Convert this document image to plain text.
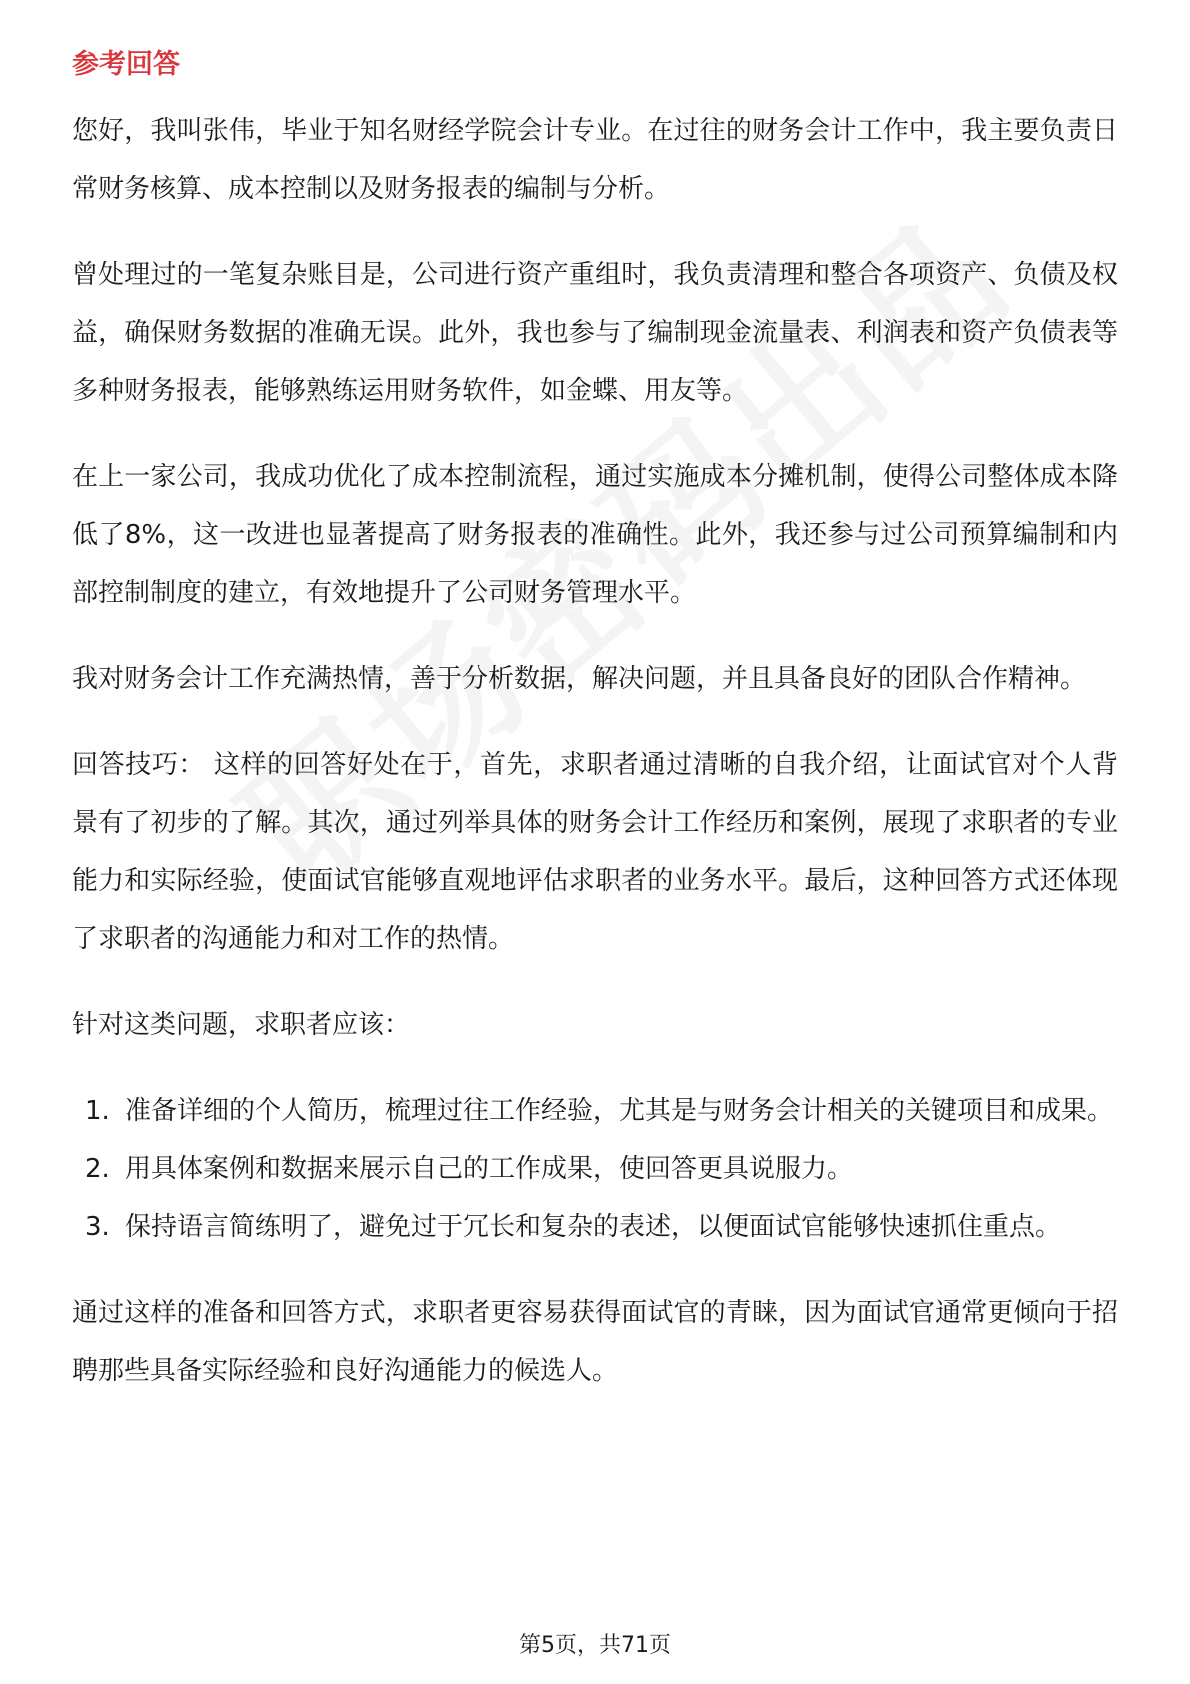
参考回答

您好，我叫张伟，毕业于知名财经学院会计专业。在过往的财务会计工作中，我主要负责日常财务核算、成本控制以及财务报表的编制与分析。

曾处理过的一笔复杂账目是，公司进行资产重组时，我负责清理和整合各项资产、负债及权益，确保财务数据的准确无误。此外，我也参与了编制现金流量表、利润表和资产负债表等多种财务报表，能够熟练运用财务软件，如金蝶、用友等。

在上一家公司，我成功优化了成本控制流程，通过实施成本分摊机制，使得公司整体成本降低了8%，这一改进也显著提高了财务报表的准确性。此外，我还参与过公司预算编制和内部控制制度的建立，有效地提升了公司财务管理水平。

我对财务会计工作充满热情，善于分析数据，解决问题，并且具备良好的团队合作精神。

回答技巧： 这样的回答好处在于，首先，求职者通过清晰的自我介绍，让面试官对个人背景有了初步的了解。其次，通过列举具体的财务会计工作经历和案例，展现了求职者的专业能力和实际经验，使面试官能够直观地评估求职者的业务水平。最后，这种回答方式还体现了求职者的沟通能力和对工作的热情。

针对这类问题，求职者应该：

1. 准备详细的个人简历，梳理过往工作经验，尤其是与财务会计相关的关键项目和成果。
2. 用具体案例和数据来展示自己的工作成果，使回答更具说服力。
3. 保持语言简练明了，避免过于冗长和复杂的表述，以便面试官能够快速抓住重点。

通过这样的准备和回答方式，求职者更容易获得面试官的青睐，因为面试官通常更倾向于招聘那些具备实际经验和良好沟通能力的候选人。

第5页，共71页
